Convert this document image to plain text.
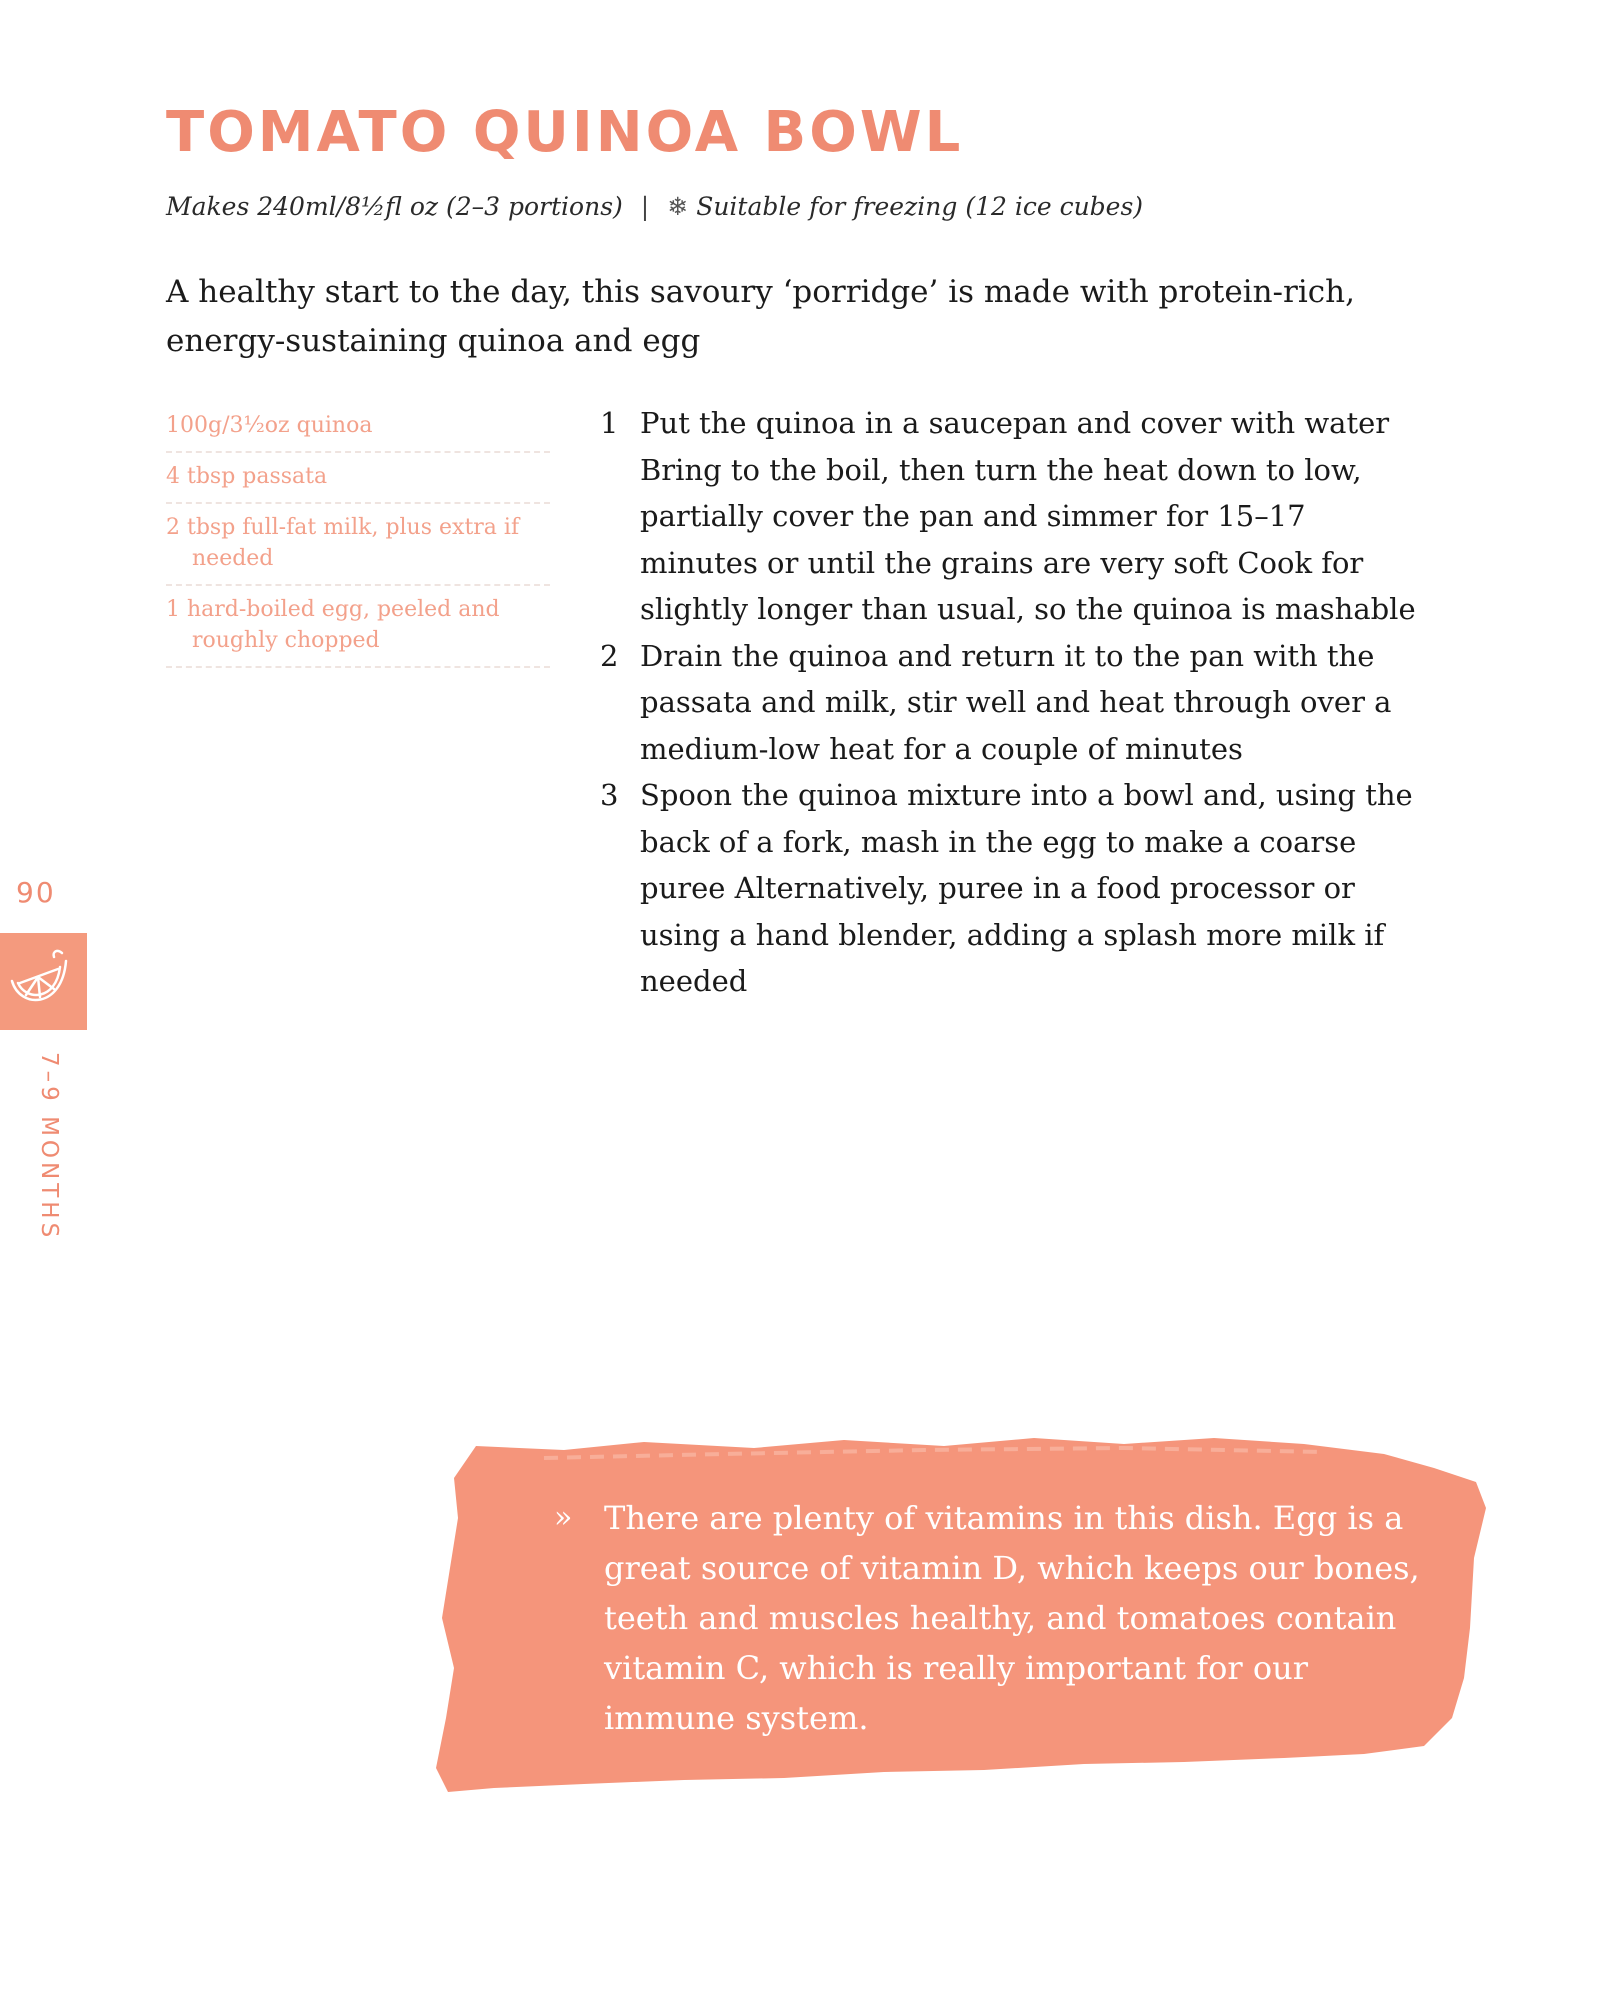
TOMATO QUINOA BOWL
Makes 240ml/8½fl oz (2–3 portions) | ❄ Suitable for freezing (12 ice cubes)

A healthy start to the day, this savoury ‘porridge’ is made with protein-rich, energy-sustaining quinoa and egg

100g/3½oz quinoa
4 tbsp passata
2 tbsp full-fat milk, plus extra if needed
1 hard-boiled egg, peeled and roughly chopped
1 Put the quinoa in a saucepan and cover with water Bring to the boil, then turn the heat down to low, partially cover the pan and simmer for 15–17 minutes or until the grains are very soft Cook for slightly longer than usual, so the quinoa is mashable
2 Drain the quinoa and return it to the pan with the passata and milk, stir well and heat through over a medium-low heat for a couple of minutes
3 Spoon the quinoa mixture into a bowl and, using the back of a fork, mash in the egg to make a coarse puree Alternatively, puree in a food processor or using a hand blender, adding a splash more milk if needed
90
7–9 MONTHS

» There are plenty of vitamins in this dish. Egg is a great source of vitamin D, which keeps our bones, teeth and muscles healthy, and tomatoes contain vitamin C, which is really important for our immune system.
